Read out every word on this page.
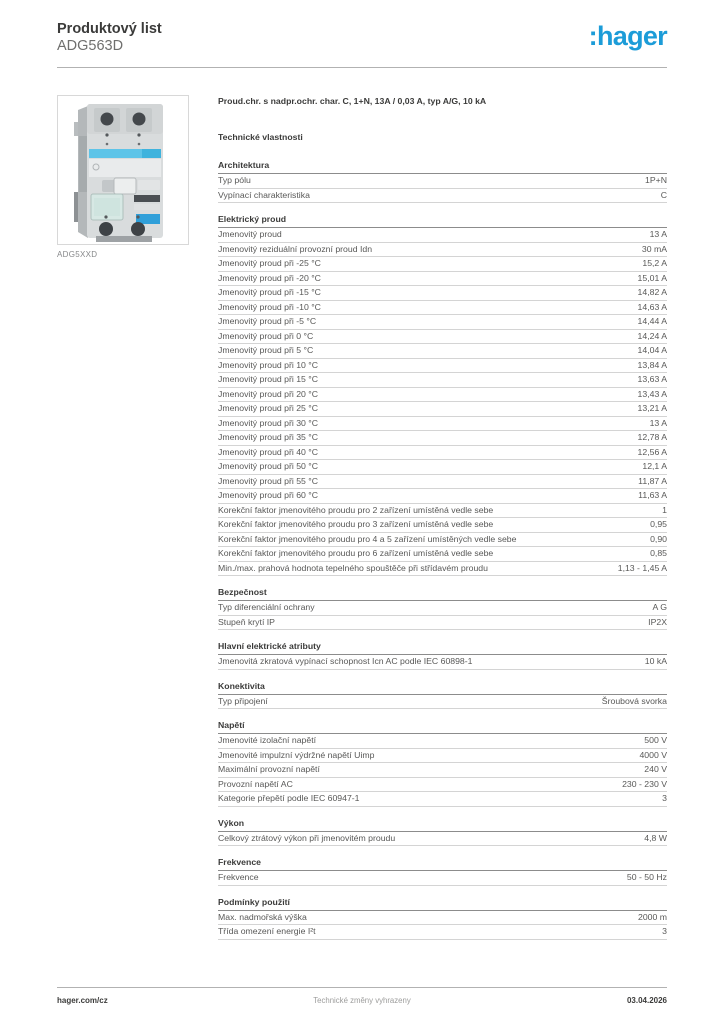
Produktový list
ADG563D	:hager
ADG5XXD
Proud.chr. s nadpr.ochr. char. C, 1+N, 13A / 0,03 A, typ A/G, 10 kA
Technické vlastnosti
Architektura
Typ pólu	1P+N
Vypínací charakteristika	C
Elektrický proud
Jmenovitý proud	13 A
Jmenovitý reziduální provozní proud Idn	30 mA
Jmenovitý proud při -25 °C	15,2 A
Jmenovitý proud při -20 °C	15,01 A
Jmenovitý proud při -15 °C	14,82 A
Jmenovitý proud při -10 °C	14,63 A
Jmenovitý proud při -5 °C	14,44 A
Jmenovitý proud při 0 °C	14,24 A
Jmenovitý proud při 5 °C	14,04 A
Jmenovitý proud při 10 °C	13,84 A
Jmenovitý proud při 15 °C	13,63 A
Jmenovitý proud při 20 °C	13,43 A
Jmenovitý proud při 25 °C	13,21 A
Jmenovitý proud při 30 °C	13 A
Jmenovitý proud při 35 °C	12,78 A
Jmenovitý proud při 40 °C	12,56 A
Jmenovitý proud při 50 °C	12,1 A
Jmenovitý proud při 55 °C	11,87 A
Jmenovitý proud při 60 °C	11,63 A
Korekční faktor jmenovitého proudu pro 2 zařízení umístěná vedle sebe	1
Korekční faktor jmenovitého proudu pro 3 zařízení umístěná vedle sebe	0,95
Korekční faktor jmenovitého proudu pro 4 a 5 zařízení umístěných vedle sebe	0,90
Korekční faktor jmenovitého proudu pro 6 zařízení umístěná vedle sebe	0,85
Min./max. prahová hodnota tepelného spouštěče při střídavém proudu	1,13 - 1,45 A
Bezpečnost
Typ diferenciální ochrany	A G
Stupeň krytí IP	IP2X
Hlavní elektrické atributy
Jmenovitá zkratová vypínací schopnost Icn AC podle IEC 60898-1	10 kA
Konektivita
Typ připojení	Šroubová svorka
Napětí
Jmenovité izolační napětí	500 V
Jmenovité impulzní výdržné napětí Uimp	4000 V
Maximální provozní napětí	240 V
Provozní napětí AC	230 - 230 V
Kategorie přepětí podle IEC 60947-1	3
Výkon
Celkový ztrátový výkon při jmenovitém proudu	4,8 W
Frekvence
Frekvence	50 - 50 Hz
Podmínky použití
Max. nadmořská výška	2000 m
Třída omezení energie I²t	3
hager.com/cz	Technické změny vyhrazeny	03.04.2026
